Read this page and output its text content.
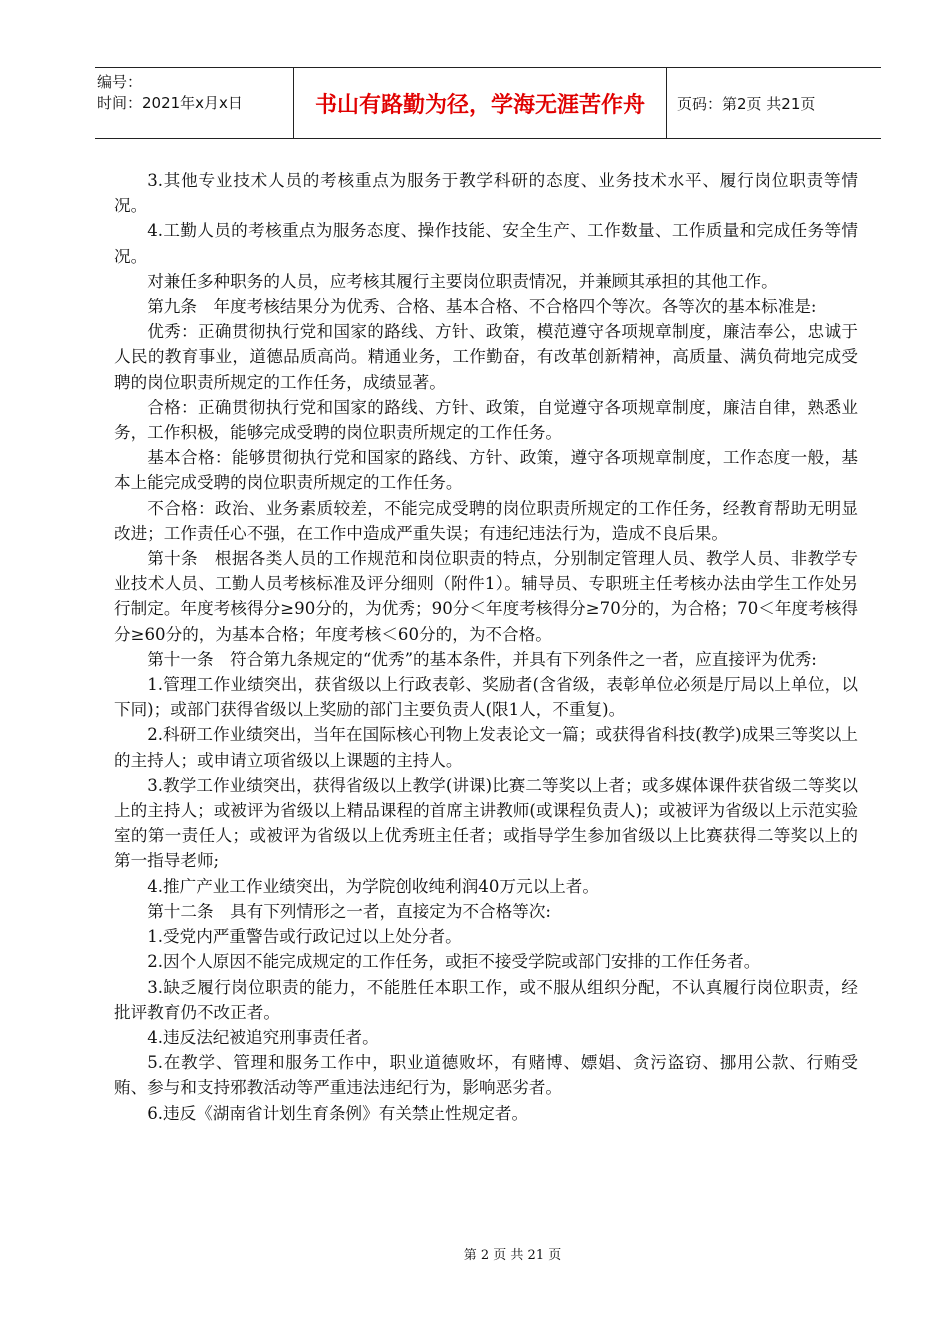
编号：
时间：2021年x月x日	书山有路勤为径，学海无涯苦作舟	页码：第2页 共21页

3.其他专业技术人员的考核重点为服务于教学科研的态度、业务技术水平、履行岗位职责等情况。

4.工勤人员的考核重点为服务态度、操作技能、安全生产、工作数量、工作质量和完成任务等情况。

对兼任多种职务的人员，应考核其履行主要岗位职责情况，并兼顾其承担的其他工作。

第九条　年度考核结果分为优秀、合格、基本合格、不合格四个等次。各等次的基本标准是:

优秀：正确贯彻执行党和国家的路线、方针、政策，模范遵守各项规章制度，廉洁奉公，忠诚于人民的教育事业，道德品质高尚。精通业务，工作勤奋，有改革创新精神，高质量、满负荷地完成受聘的岗位职责所规定的工作任务，成绩显著。

合格：正确贯彻执行党和国家的路线、方针、政策，自觉遵守各项规章制度，廉洁自律，熟悉业务，工作积极，能够完成受聘的岗位职责所规定的工作任务。

基本合格：能够贯彻执行党和国家的路线、方针、政策，遵守各项规章制度，工作态度一般，基本上能完成受聘的岗位职责所规定的工作任务。

不合格：政治、业务素质较差，不能完成受聘的岗位职责所规定的工作任务，经教育帮助无明显改进；工作责任心不强，在工作中造成严重失误；有违纪违法行为，造成不良后果。

第十条　根据各类人员的工作规范和岗位职责的特点，分别制定管理人员、教学人员、非教学专业技术人员、工勤人员考核标准及评分细则（附件1）。辅导员、专职班主任考核办法由学生工作处另行制定。年度考核得分≥90分的，为优秀；90分＜年度考核得分≥70分的，为合格；70＜年度考核得分≥60分的，为基本合格；年度考核＜60分的，为不合格。

第十一条　符合第九条规定的“优秀”的基本条件，并具有下列条件之一者，应直接评为优秀:

1.管理工作业绩突出，获省级以上行政表彰、奖励者(含省级，表彰单位必须是厅局以上单位，以下同)；或部门获得省级以上奖励的部门主要负责人(限1人，不重复)。

2.科研工作业绩突出，当年在国际核心刊物上发表论文一篇；或获得省科技(教学)成果三等奖以上的主持人；或申请立项省级以上课题的主持人。

3.教学工作业绩突出，获得省级以上教学(讲课)比赛二等奖以上者；或多媒体课件获省级二等奖以上的主持人；或被评为省级以上精品课程的首席主讲教师(或课程负责人)；或被评为省级以上示范实验室的第一责任人；或被评为省级以上优秀班主任者；或指导学生参加省级以上比赛获得二等奖以上的第一指导老师;

4.推广产业工作业绩突出，为学院创收纯利润40万元以上者。

第十二条　具有下列情形之一者，直接定为不合格等次:

1.受党内严重警告或行政记过以上处分者。

2.因个人原因不能完成规定的工作任务，或拒不接受学院或部门安排的工作任务者。

3.缺乏履行岗位职责的能力，不能胜任本职工作，或不服从组织分配，不认真履行岗位职责，经批评教育仍不改正者。

4.违反法纪被追究刑事责任者。

5.在教学、管理和服务工作中，职业道德败坏，有赌博、嫖娼、贪污盗窃、挪用公款、行贿受贿、参与和支持邪教活动等严重违法违纪行为，影响恶劣者。

6.违反《湖南省计划生育条例》有关禁止性规定者。

第 2 页 共 21 页
